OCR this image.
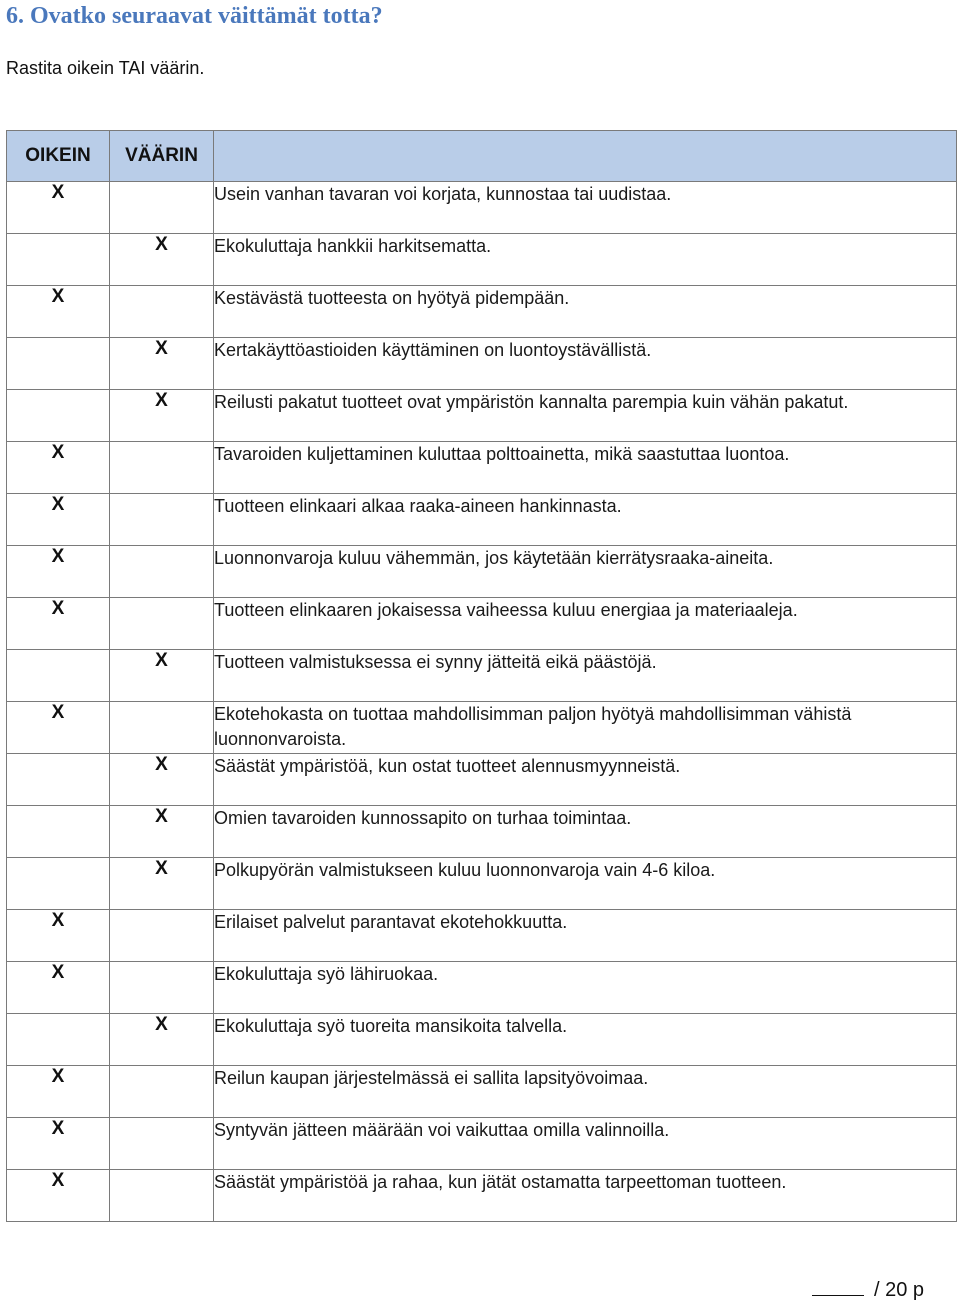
6. Ovatko seuraavat väittämät totta?

Rastita oikein TAI väärin.

OIKEIN	VÄÄRIN	
X		Usein vanhan tavaran voi korjata, kunnostaa tai uudistaa.
	X	Ekokuluttaja hankkii harkitsematta.
X		Kestävästä tuotteesta on hyötyä pidempään.
	X	Kertakäyttöastioiden käyttäminen on luontoystävällistä.
	X	Reilusti pakatut tuotteet ovat ympäristön kannalta parempia kuin vähän pakatut.
X		Tavaroiden kuljettaminen kuluttaa polttoainetta, mikä saastuttaa luontoa.
X		Tuotteen elinkaari alkaa raaka-aineen hankinnasta.
X		Luonnonvaroja kuluu vähemmän, jos käytetään kierrätysraaka-aineita.
X		Tuotteen elinkaaren jokaisessa vaiheessa kuluu energiaa ja materiaaleja.
	X	Tuotteen valmistuksessa ei synny jätteitä eikä päästöjä.
X		Ekotehokasta on tuottaa mahdollisimman paljon hyötyä mahdollisimman vähistä luonnonvaroista.
	X	Säästät ympäristöä, kun ostat tuotteet alennusmyynneistä.
	X	Omien tavaroiden kunnossapito on turhaa toimintaa.
	X	Polkupyörän valmistukseen kuluu luonnonvaroja vain 4-6 kiloa.
X		Erilaiset palvelut parantavat ekotehokkuutta.
X		Ekokuluttaja syö lähiruokaa.
	X	Ekokuluttaja syö tuoreita mansikoita talvella.
X		Reilun kaupan järjestelmässä ei sallita lapsityövoimaa.
X		Syntyvän jätteen määrään voi vaikuttaa omilla valinnoilla.
X		Säästät ympäristöä ja rahaa, kun jätät ostamatta tarpeettoman tuotteen.
/ 20 p
